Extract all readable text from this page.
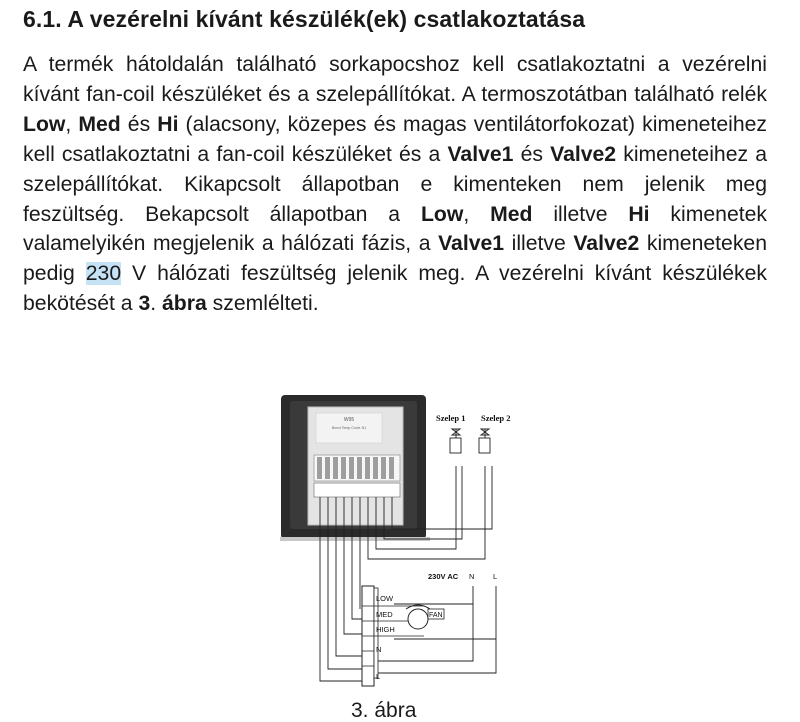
6.1. A vezérelni kívánt készülék(ek) csatlakoztatása

A termék hátoldalán található sorkapocshoz kell csatlakoztatni a vezérelni kívánt fan-coil készüléket és a szelepállítókat. A termoszotátban található relék Low, Med és Hi (alacsony, közepes és magas ventilátorfokozat) kimeneteihez kell csatlakoztatni a fan-coil készüléket és a Valve1 és Valve2 kimeneteihez a szelepállítókat. Kikapcsolt állapotban e kimenteken nem jelenik meg feszültség. Bekapcsolt állapotban a Low, Med illetve Hi kimenetek valamelyikén megjelenik a hálózati fázis, a Valve1 illetve Valve2 kimeneteken pedig 230 V hálózati feszültség jelenik meg. A vezérelni kívánt készülékek bekötését a 3. ábra szemlélteti.

W95
Bonvt Temp Contr. N1
Szelep 1 Szelep 2
230V AC N L
LOW
MED
HIGH
N
L
FAN

3. ábra
